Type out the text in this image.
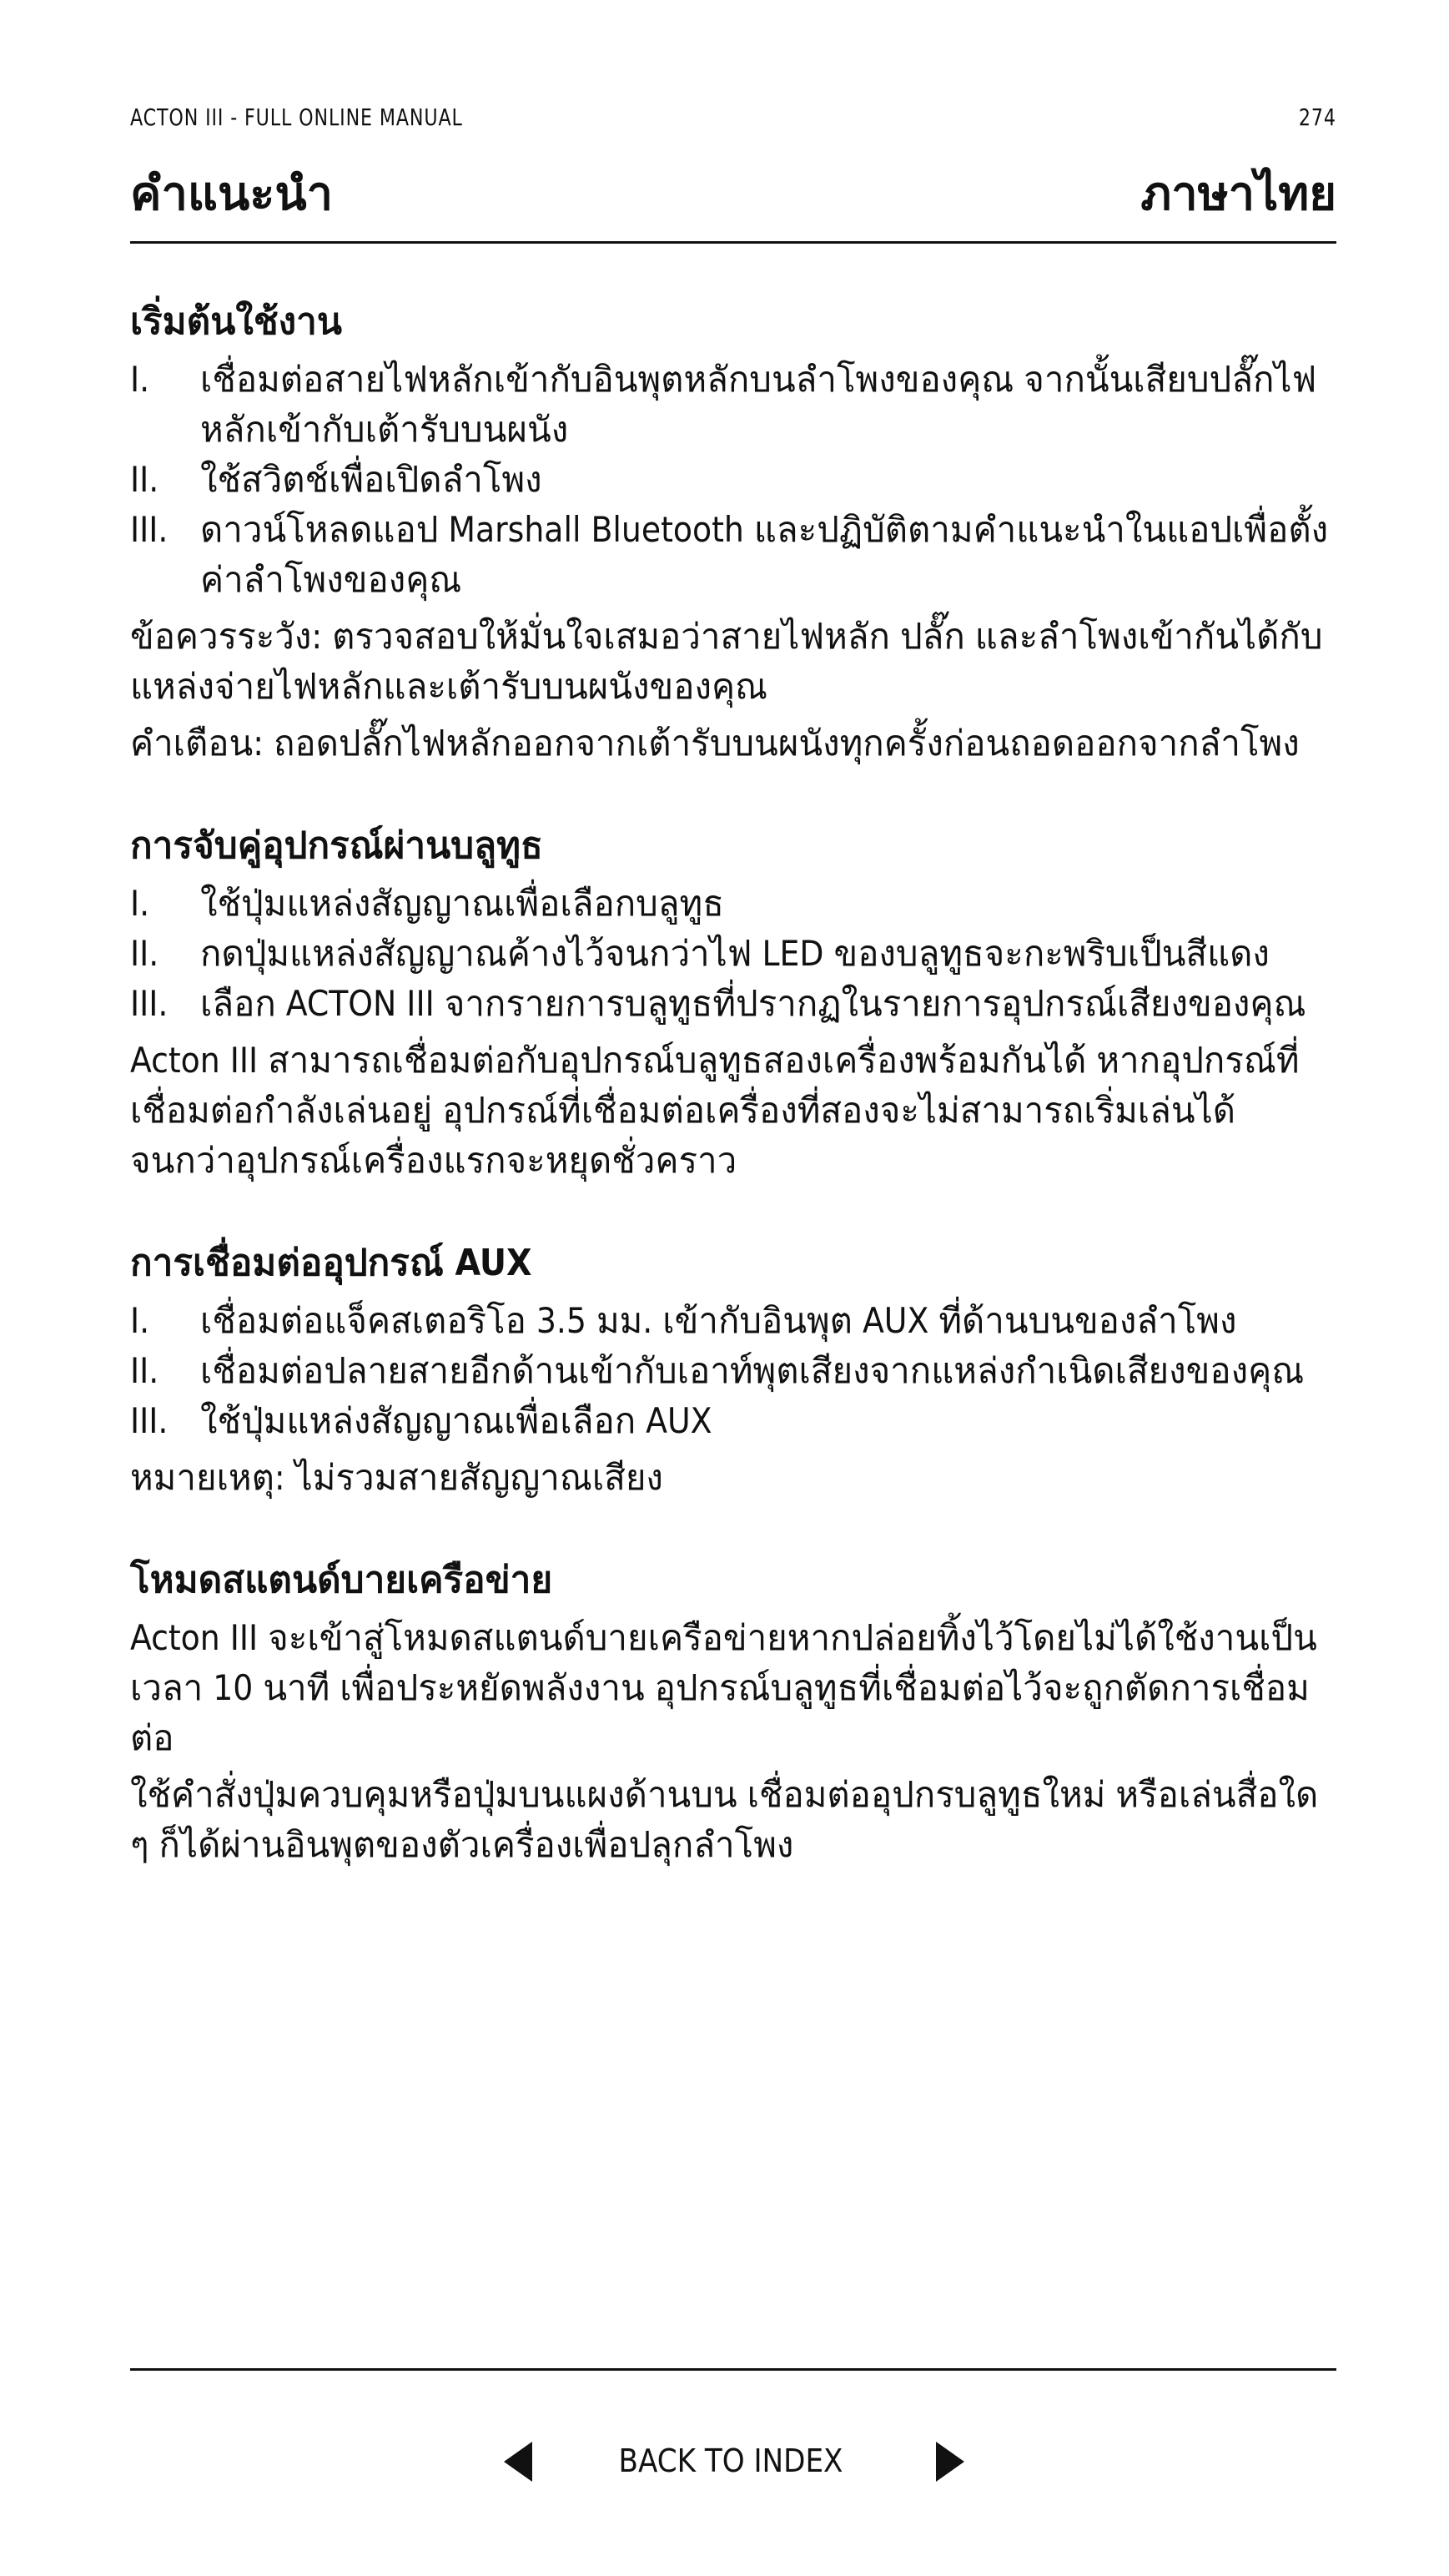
ACTON III - FULL ONLINE MANUAL	274
คำแนะนำ	ภาษาไทย
เริ่มต้นใช้งาน
I.	เชื่อมต่อสายไฟหลักเข้ากับอินพุตหลักบนลำโพงของคุณ จากนั้นเสียบปลั๊กไฟหลักเข้ากับเต้ารับบนผนัง
II.	ใช้สวิตช์เพื่อเปิดลำโพง
III. ดาวน์โหลดแอป Marshall Bluetooth และปฏิบัติตามคำแนะนำในแอปเพื่อตั้งค่าลำโพงของคุณ

ข้อควรระวัง: ตรวจสอบให้มั่นใจเสมอว่าสายไฟหลัก ปลั๊ก และลำโพงเข้ากันได้กับแหล่งจ่ายไฟหลักและเต้ารับบนผนังของคุณ

คำเตือน: ถอดปลั๊กไฟหลักออกจากเต้ารับบนผนังทุกครั้งก่อนถอดออกจากลำโพง

การจับคู่อุปกรณ์ผ่านบลูทูธ
I.	ใช้ปุ่มแหล่งสัญญาณเพื่อเลือกบลูทูธ
II.	กดปุ่มแหล่งสัญญาณค้างไว้จนกว่าไฟ LED ของบลูทูธจะกะพริบเป็นสีแดง
III. เลือก ACTON III จากรายการบลูทูธที่ปรากฏในรายการอุปกรณ์เสียงของคุณ

Acton III สามารถเชื่อมต่อกับอุปกรณ์บลูทูธสองเครื่องพร้อมกันได้ หากอุปกรณ์ที่เชื่อมต่อกำลังเล่นอยู่ อุปกรณ์ที่เชื่อมต่อเครื่องที่สองจะไม่สามารถเริ่มเล่นได้จนกว่าอุปกรณ์เครื่องแรกจะหยุดชั่วคราว

การเชื่อมต่ออุปกรณ์ AUX
I.	เชื่อมต่อแจ็คสเตอริโอ 3.5 มม. เข้ากับอินพุต AUX ที่ด้านบนของลำโพง
II.	เชื่อมต่อปลายสายอีกด้านเข้ากับเอาท์พุตเสียงจากแหล่งกำเนิดเสียงของคุณ
III. ใช้ปุ่มแหล่งสัญญาณเพื่อเลือก AUX

หมายเหตุ: ไม่รวมสายสัญญาณเสียง

โหมดสแตนด์บายเครือข่าย

Acton III จะเข้าสู่โหมดสแตนด์บายเครือข่ายหากปล่อยทิ้งไว้โดยไม่ได้ใช้งานเป็นเวลา 10 นาที เพื่อประหยัดพลังงาน อุปกรณ์บลูทูธที่เชื่อมต่อไว้จะถูกตัดการเชื่อมต่อ

ใช้คำสั่งปุ่มควบคุมหรือปุ่มบนแผงด้านบน เชื่อมต่ออุปกรบลูทูธใหม่ หรือเล่นสื่อใด ๆ ก็ได้ผ่านอินพุตของตัวเครื่องเพื่อปลุกลำโพง

BACK TO INDEX
